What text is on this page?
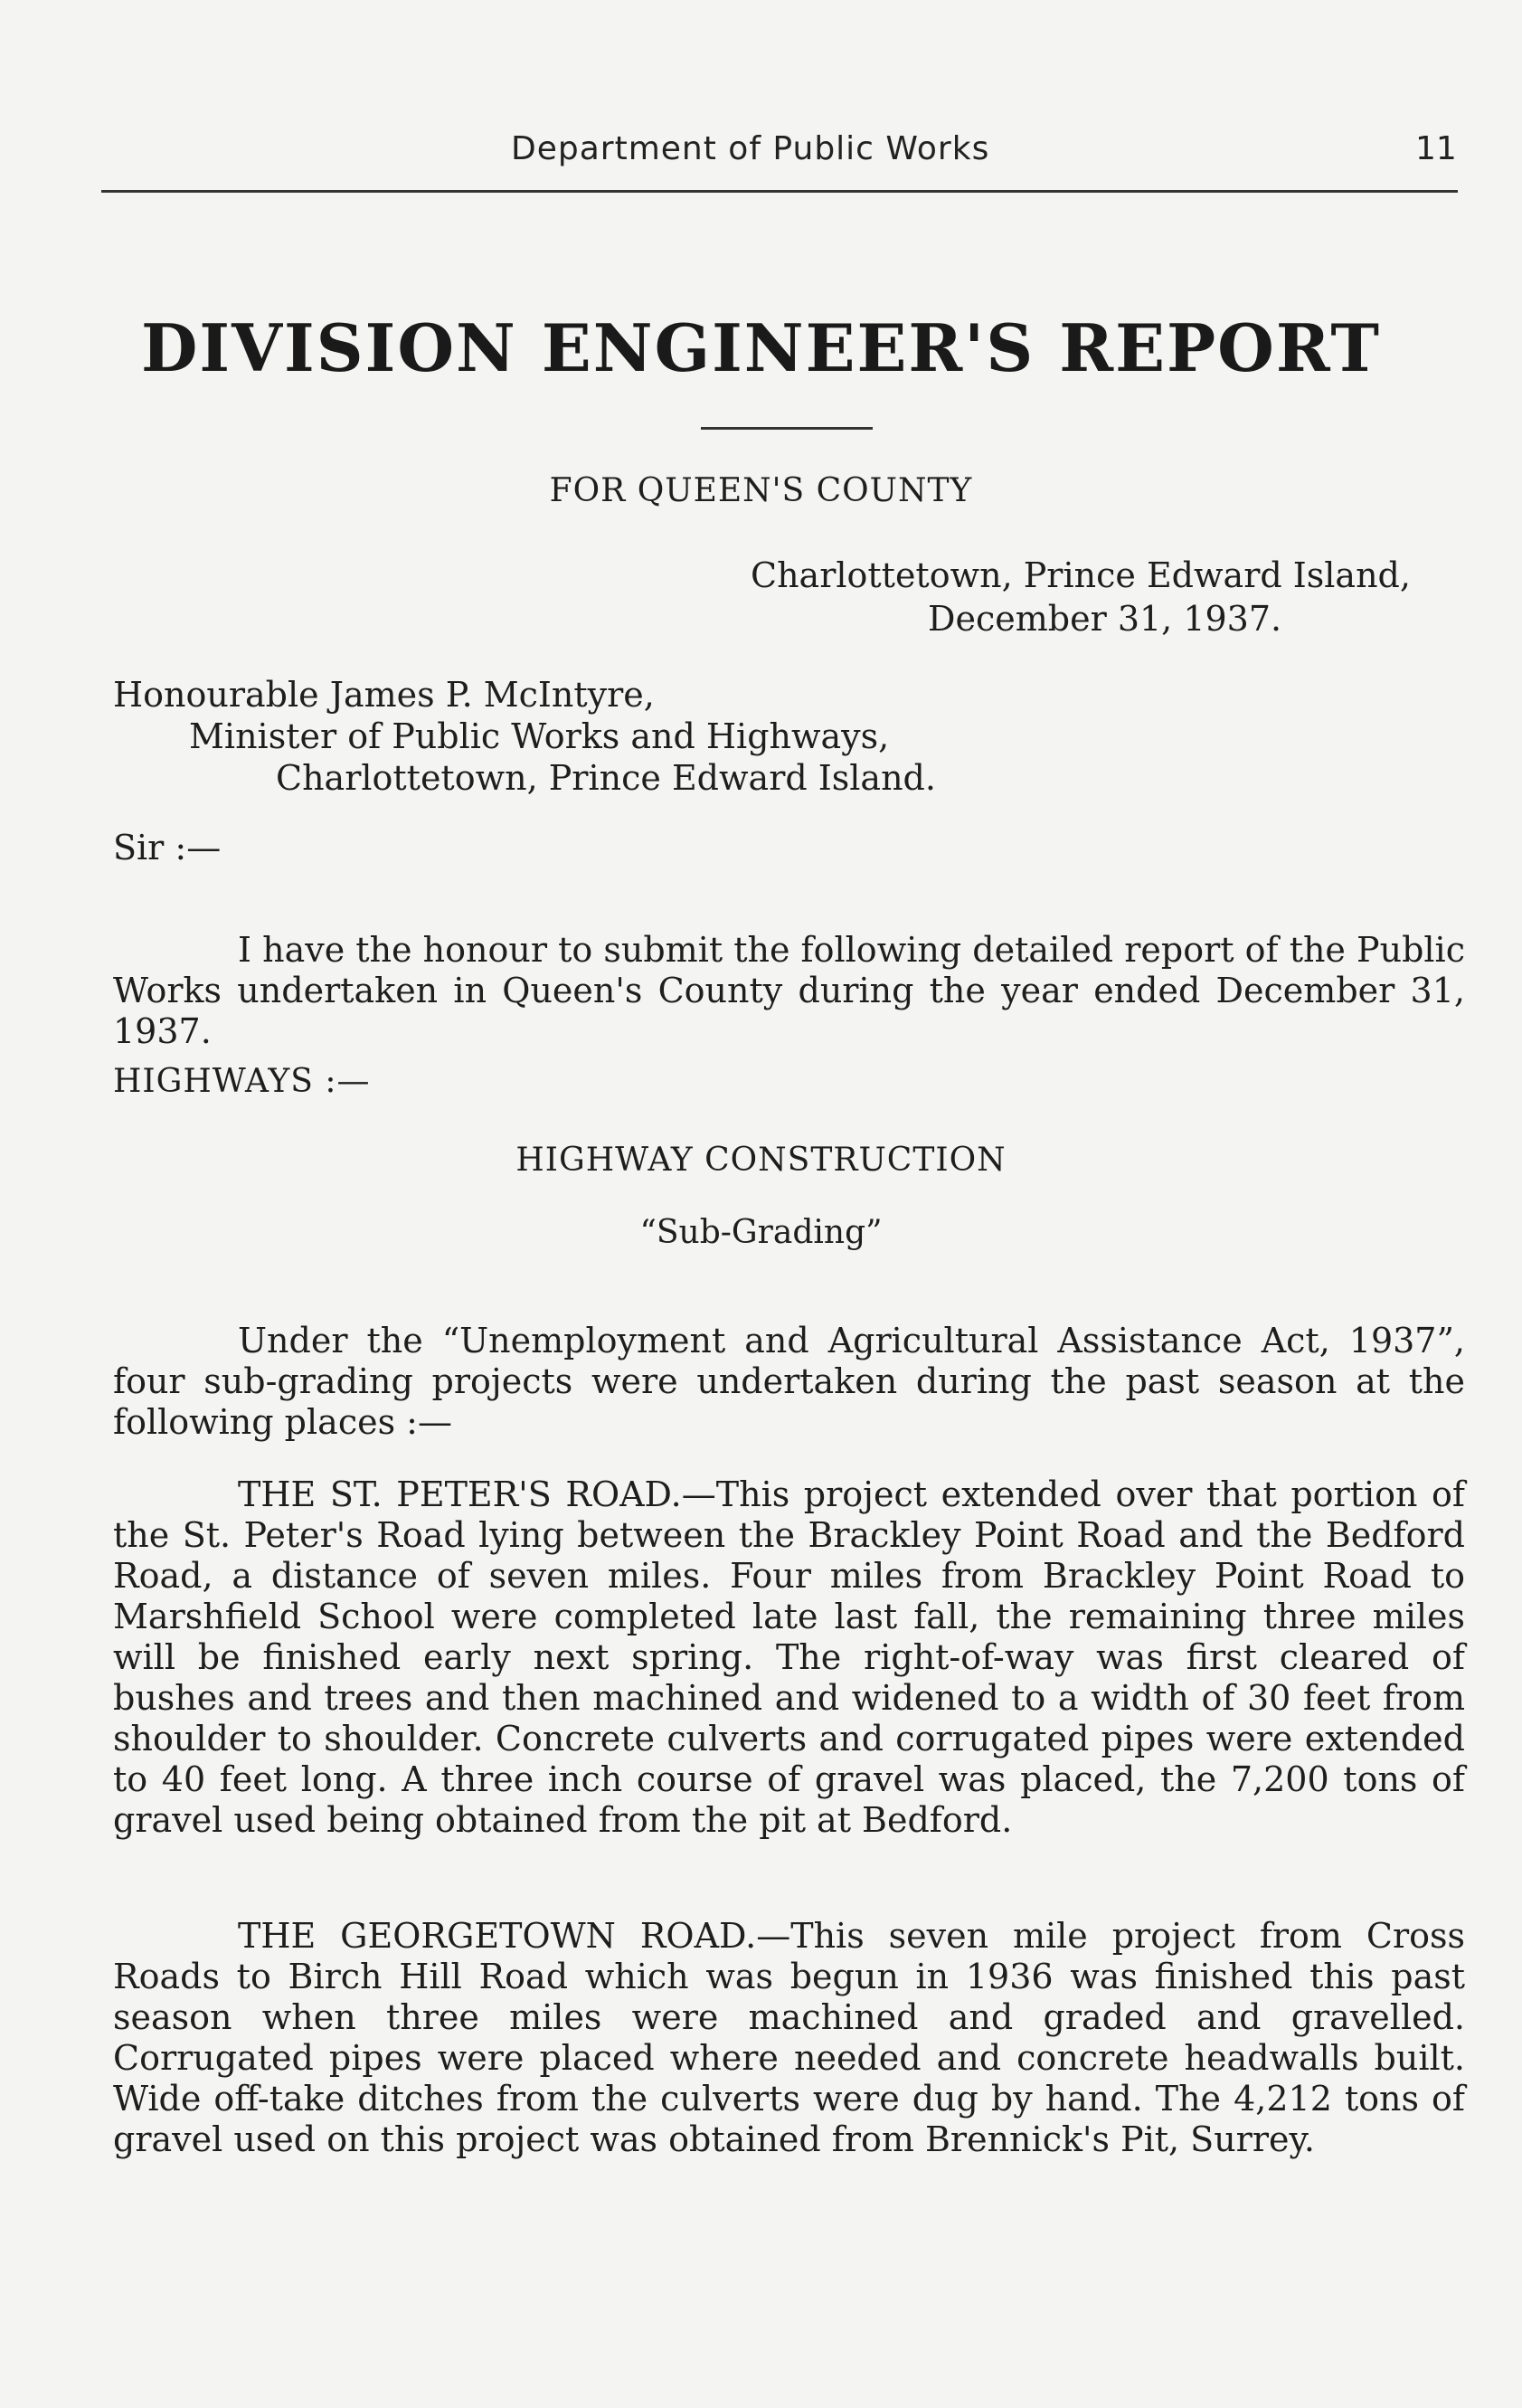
Department of Public Works	11
DIVISION ENGINEER'S REPORT
FOR QUEEN'S COUNTY
Charlottetown, Prince Edward Island,
December 31, 1937.
Honourable James P. McIntyre,
Minister of Public Works and Highways,
Charlottetown, Prince Edward Island.
Sir :—

I have the honour to submit the following detailed report of the Public Works undertaken in Queen's County during the year ended December 31, 1937.

HIGHWAYS :—
HIGHWAY CONSTRUCTION
“Sub-Grading”

Under the “Unemployment and Agricultural Assistance Act, 1937”, four sub-grading projects were undertaken during the past season at the following places :—

THE ST. PETER'S ROAD.—This project extended over that portion of the St. Peter's Road lying between the Brackley Point Road and the Bedford Road, a distance of seven miles. Four miles from Brackley Point Road to Marshfield School were completed late last fall, the remaining three miles will be finished early next spring. The right-of-way was first cleared of bushes and trees and then machined and widened to a width of 30 feet from shoulder to shoulder. Concrete culverts and corrugated pipes were extended to 40 feet long. A three inch course of gravel was placed, the 7,200 tons of gravel used being obtained from the pit at Bedford.

THE GEORGETOWN ROAD.—This seven mile project from Cross Roads to Birch Hill Road which was begun in 1936 was finished this past season when three miles were machined and graded and gravelled. Corrugated pipes were placed where needed and concrete headwalls built. Wide off-take ditches from the culverts were dug by hand. The 4,212 tons of gravel used on this project was obtained from Brennick's Pit, Surrey.
